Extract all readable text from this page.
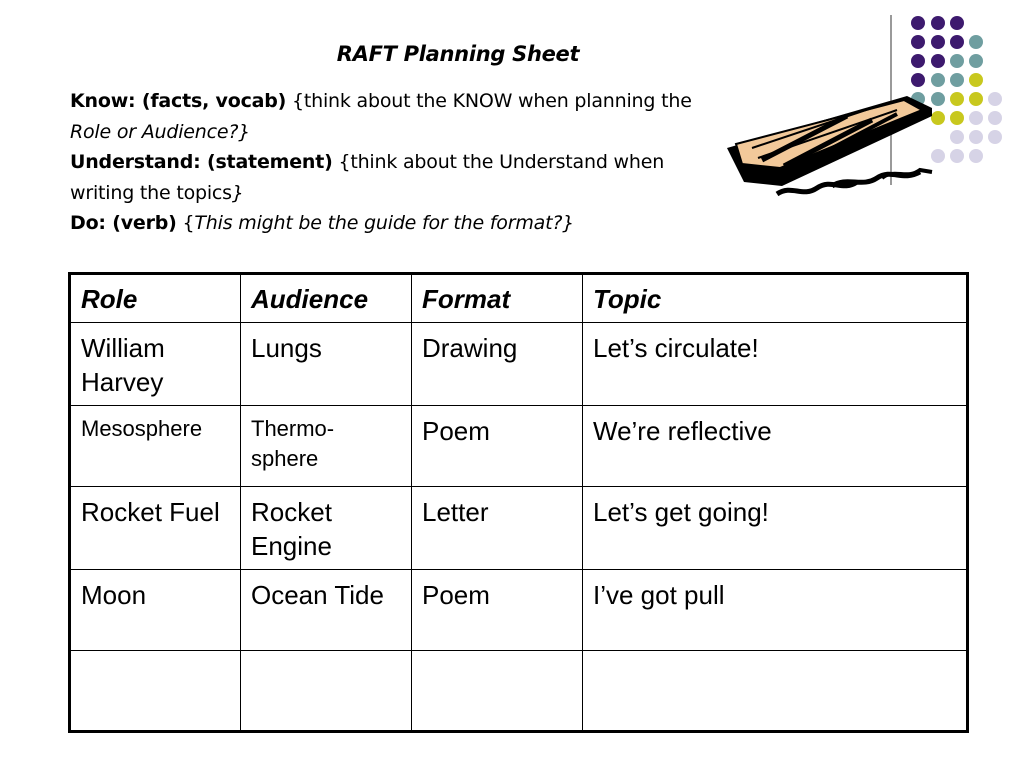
RAFT Planning Sheet
Know: (facts, vocab) {think about the KNOW when planning the
Role or Audience?}
Understand: (statement) {think about the Understand when
writing the topics}
Do: (verb) {This might be the guide for the format?}
Role	Audience	Format	Topic
William Harvey	Lungs	Drawing	Let’s circulate!
Mesosphere	Thermo-sphere	Poem	We’re reflective
Rocket Fuel	Rocket Engine	Letter	Let’s get going!
Moon	Ocean Tide	Poem	I’ve got pull
